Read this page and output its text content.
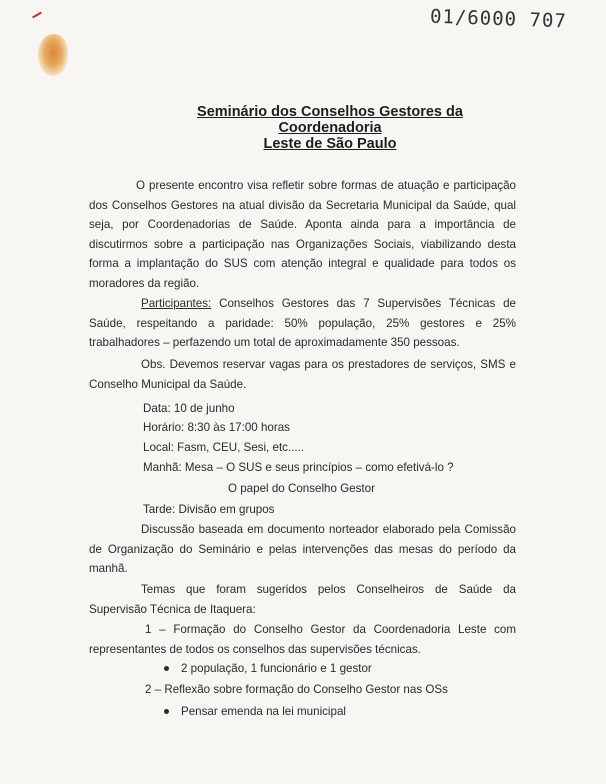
01/6000 707
Seminário dos Conselhos Gestores da Coordenadoria
Leste de São Paulo
O presente encontro visa refletir sobre formas de atuação e participação
dos Conselhos Gestores na atual divisão da Secretaria Municipal da Saúde, qual
seja, por Coordenadorias de Saúde. Aponta ainda para a importância de
discutirmos sobre a participação nas Organizações Sociais, viabilizando desta
forma a implantação do SUS com atenção integral e qualidade para todos os
moradores da região.
Participantes: Conselhos Gestores das 7 Supervisões Técnicas de
Saúde, respeitando a paridade: 50% população, 25% gestores e 25%
trabalhadores – perfazendo um total de aproximadamente 350 pessoas.
Obs. Devemos reservar vagas para os prestadores de serviços, SMS e
Conselho Municipal da Saúde.
Data: 10 de junho
Horário: 8:30 às 17:00 horas
Local: Fasm, CEU, Sesi, etc.....
Manhã: Mesa – O SUS e seus princípios – como efetivá-lo ?
O papel do Conselho Gestor
Tarde: Divisão em grupos
Discussão baseada em documento norteador elaborado pela Comissão
de Organização do Seminário e pelas intervenções das mesas do período da
manhã.
Temas que foram sugeridos pelos Conselheiros de Saúde da
Supervisão Técnica de Itaquera:
1 – Formação do Conselho Gestor da Coordenadoria Leste com
representantes de todos os conselhos das supervisões técnicas.
2 população, 1 funcionário e 1 gestor
2 – Reflexão sobre formação do Conselho Gestor nas OSs
Pensar emenda na lei municipal
